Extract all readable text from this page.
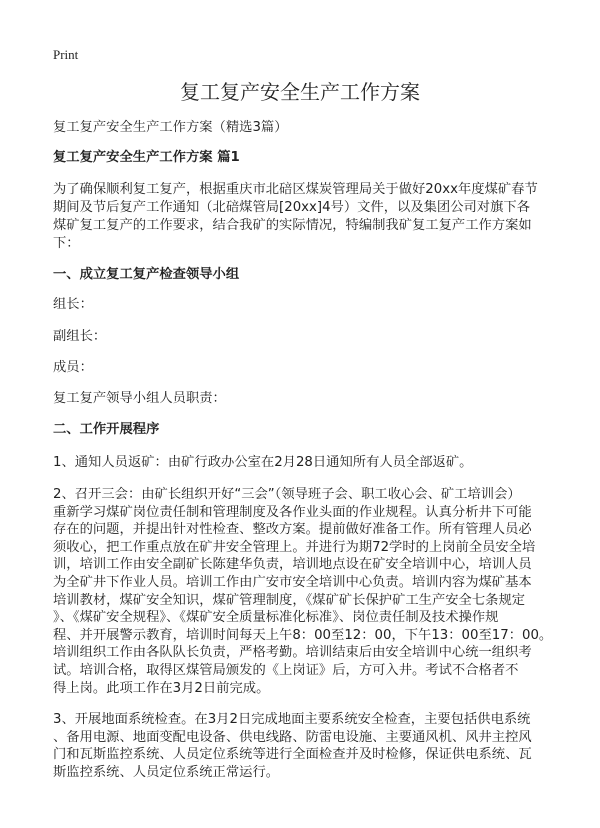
Print
复工复产安全生产工作方案
复工复产安全生产工作方案（精选3篇）
复工复产安全生产工作方案 篇1
为了确保顺利复工复产，根据重庆市北碚区煤炭管理局关于做好20xx年度煤矿春节
期间及节后复产工作通知（北碚煤管局[20xx]4号）文件，以及集团公司对旗下各
煤矿复工复产的工作要求，结合我矿的实际情况，特编制我矿复工复产工作方案如
下：
一、成立复工复产检查领导小组
组长：
副组长：
成员：
复工复产领导小组人员职责：
二、工作开展程序
1、通知人员返矿：由矿行政办公室在2月28日通知所有人员全部返矿。
2、召开三会：由矿长组织开好“三会”（领导班子会、职工收心会、矿工培训会）
重新学习煤矿岗位责任制和管理制度及各作业头面的作业规程。认真分析井下可能
存在的问题，并提出针对性检查、整改方案。提前做好准备工作。所有管理人员必
须收心，把工作重点放在矿井安全管理上。并进行为期72学时的上岗前全员安全培
训，培训工作由安全副矿长陈建华负责，培训地点设在矿安全培训中心，培训人员
为全矿井下作业人员。培训工作由广安市安全培训中心负责。培训内容为煤矿基本
培训教材，煤矿安全知识，煤矿管理制度，《煤矿矿长保护矿工生产安全七条规定
》、《煤矿安全规程》、《煤矿安全质量标准化标准》、岗位责任制及技术操作规
程、并开展警示教育，培训时间每天上午8：00至12：00，下午13：00至17：00。
培训组织工作由各队队长负责，严格考勤。培训结束后由安全培训中心统一组织考
试。培训合格，取得区煤管局颁发的《上岗证》后，方可入井。考试不合格者不
得上岗。此项工作在3月2日前完成。
3、开展地面系统检查。在3月2日完成地面主要系统安全检查，主要包括供电系统
、备用电源、地面变配电设备、供电线路、防雷电设施、主要通风机、风井主控风
门和瓦斯监控系统、人员定位系统等进行全面检查并及时检修，保证供电系统、瓦
斯监控系统、人员定位系统正常运行。
